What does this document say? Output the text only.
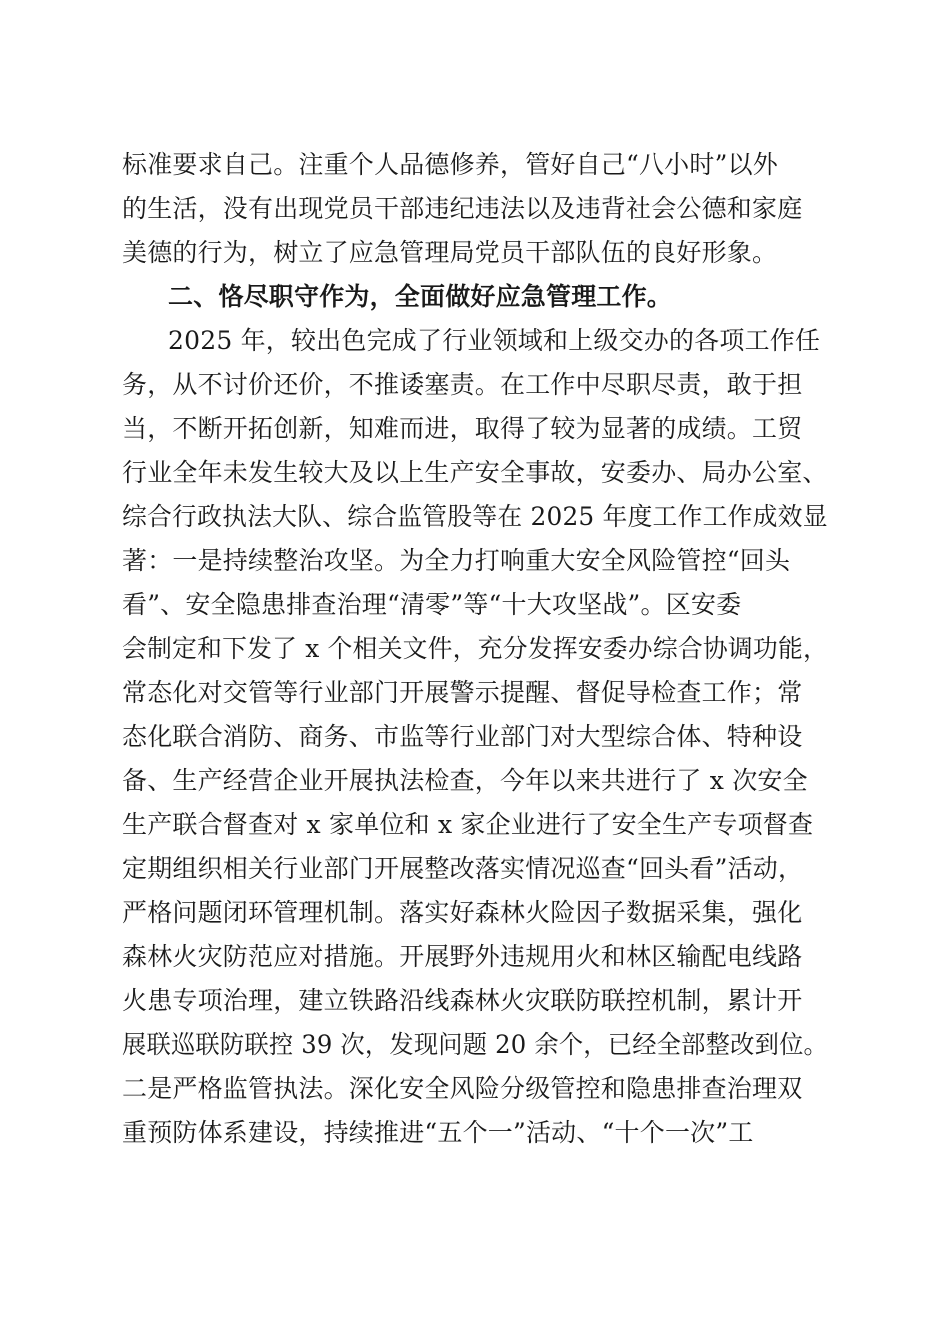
标准要求自己。注重个人品德修养，管好自己“八小时”以外
的生活，没有出现党员干部违纪违法以及违背社会公德和家庭
美德的行为，树立了应急管理局党员干部队伍的良好形象。
二、恪尽职守作为，全面做好应急管理工作。
2025 年，较出色完成了行业领域和上级交办的各项工作任
务，从不讨价还价，不推诿塞责。在工作中尽职尽责，敢于担
当，不断开拓创新，知难而进，取得了较为显著的成绩。工贸
行业全年未发生较大及以上生产安全事故，安委办、局办公室、
综合行政执法大队、综合监管股等在 2025 年度工作工作成效显
著：一是持续整治攻坚。为全力打响重大安全风险管控“回头
看”、安全隐患排查治理“清零”等“十大攻坚战”。区安委
会制定和下发了 x 个相关文件，充分发挥安委办综合协调功能，
常态化对交管等行业部门开展警示提醒、督促导检查工作；常
态化联合消防、商务、市监等行业部门对大型综合体、特种设
备、生产经营企业开展执法检查，今年以来共进行了 x 次安全
生产联合督查对 x 家单位和 x 家企业进行了安全生产专项督查
定期组织相关行业部门开展整改落实情况巡查“回头看”活动，
严格问题闭环管理机制。落实好森林火险因子数据采集，强化
森林火灾防范应对措施。开展野外违规用火和林区输配电线路
火患专项治理，建立铁路沿线森林火灾联防联控机制，累计开
展联巡联防联控 39 次，发现问题 20 余个，已经全部整改到位。
二是严格监管执法。深化安全风险分级管控和隐患排查治理双
重预防体系建设，持续推进“五个一”活动、“十个一次”工
